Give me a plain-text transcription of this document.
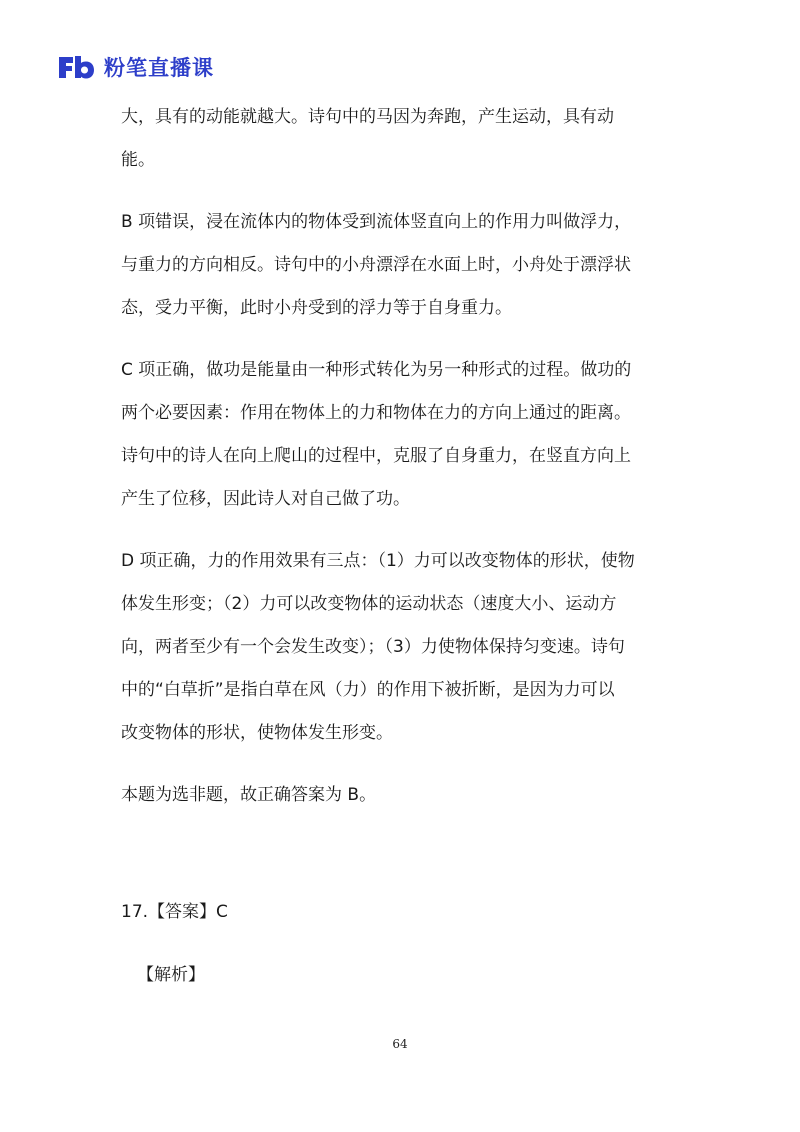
粉笔直播课
大，具有的动能就越大。诗句中的马因为奔跑，产生运动，具有动
能。
B 项错误，浸在流体内的物体受到流体竖直向上的作用力叫做浮力，
与重力的方向相反。诗句中的小舟漂浮在水面上时，小舟处于漂浮状
态，受力平衡，此时小舟受到的浮力等于自身重力。
C 项正确，做功是能量由一种形式转化为另一种形式的过程。做功的
两个必要因素：作用在物体上的力和物体在力的方向上通过的距离。
诗句中的诗人在向上爬山的过程中，克服了自身重力，在竖直方向上
产生了位移，因此诗人对自己做了功。
D 项正确，力的作用效果有三点：（1）力可以改变物体的形状，使物
体发生形变；（2）力可以改变物体的运动状态（速度大小、运动方
向，两者至少有一个会发生改变）；（3）力使物体保持匀变速。诗句
中的“白草折”是指白草在风（力）的作用下被折断，是因为力可以
改变物体的形状，使物体发生形变。
本题为选非题，故正确答案为 B。
17.【答案】C
【解析】
64
